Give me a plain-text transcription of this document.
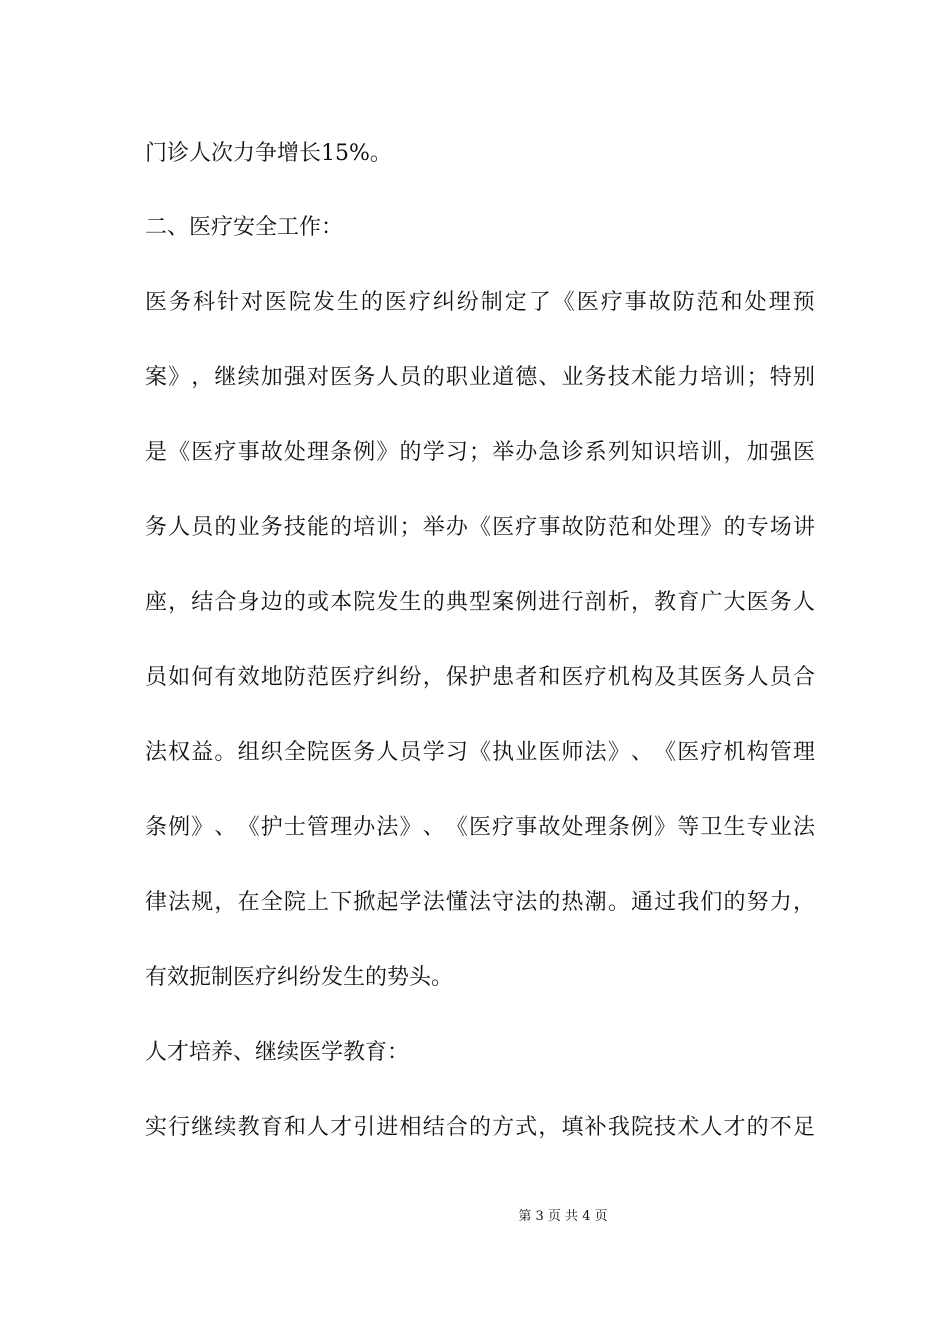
门诊人次力争增长15%。
二、医疗安全工作：
医 务 科 针 对 医 院 发 生 的 医 疗 纠 纷 制 定 了 《 医 疗 事 故 防 范 和 处 理 预
案 》 ， 继 续 加 强 对 医 务 人 员 的 职 业 道 德 、 业 务 技 术 能 力 培 训 ； 特 别
是 《 医 疗 事 故 处 理 条 例 》 的 学 习 ； 举 办 急 诊 系 列 知 识 培 训 ， 加 强 医
务 人 员 的 业 务 技 能 的 培 训 ； 举 办 《 医 疗 事 故 防 范 和 处 理 》 的 专 场 讲
座 ， 结 合 身 边 的 或 本 院 发 生 的 典 型 案 例 进 行 剖 析 ， 教 育 广 大 医 务 人
员 如 何 有 效 地 防 范 医 疗 纠 纷 ， 保 护 患 者 和 医 疗 机 构 及 其 医 务 人 员 合
法 权 益 。 组 织 全 院 医 务 人 员 学 习 《 执 业 医 师 法 》 、 《 医 疗 机 构 管 理
条 例 》 、 《 护 士 管 理 办 法 》 、 《 医 疗 事 故 处 理 条 例 》 等 卫 生 专 业 法
律 法 规 ， 在 全 院 上 下 掀 起 学 法 懂 法 守 法 的 热 潮 。 通 过 我 们 的 努 力 ，
有效扼制医疗纠纷发生的势头。
人才培养、继续医学教育：
实 行 继 续 教 育 和 人 才 引 进 相 结 合 的 方 式 ， 填 补 我 院 技 术 人 才 的 不 足
第 3 页 共 4 页
